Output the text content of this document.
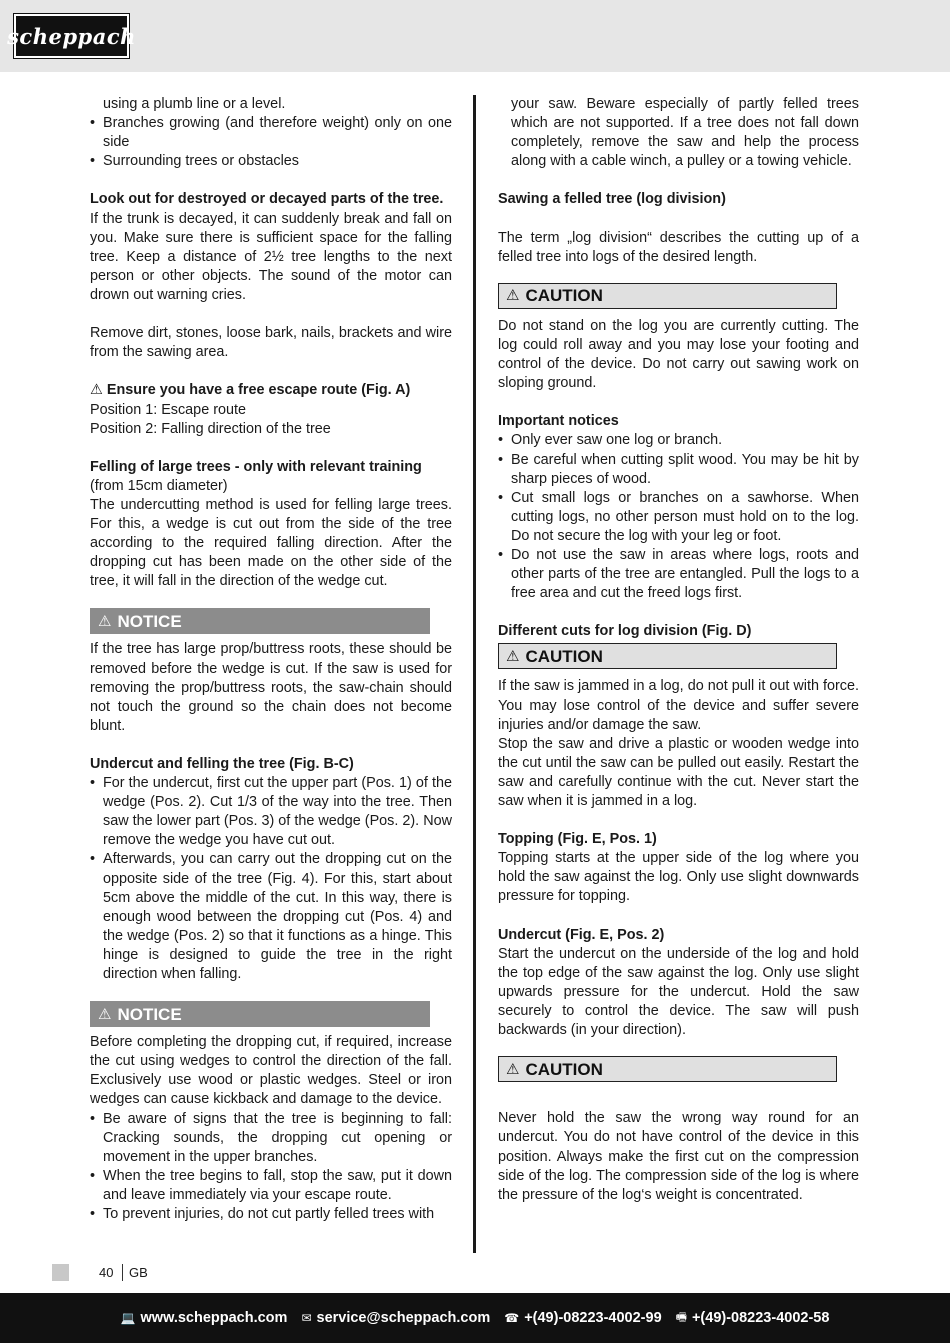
scheppach

using a plumb line or a level.

• Branches growing (and therefore weight) only on one side
• Surrounding trees or obstacles

Look out for destroyed or decayed parts of the tree.

If the trunk is decayed, it can suddenly break and fall on you. Make sure there is sufficient space for the falling tree. Keep a distance of 2½ tree lengths to the next person or other objects. The sound of the motor can drown out warning cries.

Remove dirt, stones, loose bark, nails, brackets and wire from the sawing area.

⚠ Ensure you have a free escape route (Fig. A)

Position 1: Escape route

Position 2: Falling direction of the tree

Felling of large trees - only with relevant training

(from 15cm diameter)

The undercutting method is used for felling large trees. For this, a wedge is cut out from the side of the tree according to the required falling direction. After the dropping cut has been made on the other side of the tree, it will fall in the direction of the wedge cut.

⚠ NOTICE

If the tree has large prop/buttress roots, these should be removed before the wedge is cut. If the saw is used for removing the prop/buttress roots, the saw-chain should not touch the ground so the chain does not become blunt.

Undercut and felling the tree (Fig. B-C)

• For the undercut, first cut the upper part (Pos. 1) of the wedge (Pos. 2). Cut 1/3 of the way into the tree. Then saw the lower part (Pos. 3) of the wedge (Pos. 2). Now remove the wedge you have cut out.
• Afterwards, you can carry out the dropping cut on the opposite side of the tree (Fig. 4). For this, start about 5cm above the middle of the cut. In this way, there is enough wood between the dropping cut (Pos. 4) and the wedge (Pos. 2) so that it functions as a hinge. This hinge is designed to guide the tree in the right direction when falling.
⚠ NOTICE

Before completing the dropping cut, if required, increase the cut using wedges to control the direction of the fall. Exclusively use wood or plastic wedges. Steel or iron wedges can cause kickback and damage to the device.

• Be aware of signs that the tree is beginning to fall: Cracking sounds, the dropping cut opening or movement in the upper branches.
• When the tree begins to fall, stop the saw, put it down and leave immediately via your escape route.
• To prevent injuries, do not cut partly felled trees with

your saw. Beware especially of partly felled trees which are not supported. If a tree does not fall down completely, remove the saw and help the process along with a cable winch, a pulley or a towing vehicle.

Sawing a felled tree (log division)

The term „log division“ describes the cutting up of a felled tree into logs of the desired length.

⚠ CAUTION

Do not stand on the log you are currently cutting. The log could roll away and you may lose your footing and control of the device. Do not carry out sawing work on sloping ground.

Important notices

• Only ever saw one log or branch.
• Be careful when cutting split wood. You may be hit by sharp pieces of wood.
• Cut small logs or branches on a sawhorse. When cutting logs, no other person must hold on to the log. Do not secure the log with your leg or foot.
• Do not use the saw in areas where logs, roots and other parts of the tree are entangled. Pull the logs to a free area and cut the freed logs first.

Different cuts for log division (Fig. D)

⚠ CAUTION

If the saw is jammed in a log, do not pull it out with force. You may lose control of the device and suffer severe injuries and/or damage the saw.

Stop the saw and drive a plastic or wooden wedge into the cut until the saw can be pulled out easily. Restart the saw and carefully continue with the cut. Never start the saw when it is jammed in a log.

Topping (Fig. E, Pos. 1)

Topping starts at the upper side of the log where you hold the saw against the log. Only use slight downwards pressure for topping.

Undercut (Fig. E, Pos. 2)

Start the undercut on the underside of the log and hold the top edge of the saw against the log. Only use slight upwards pressure for the undercut. Hold the saw securely to control the device. The saw will push backwards (in your direction).

⚠ CAUTION

Never hold the saw the wrong way round for an undercut. You do not have control of the device in this position. Always make the first cut on the compression side of the log. The compression side of the log is where the pressure of the log‘s weight is concentrated.

40 GB
💻 www.scheppach.com ✉ service@scheppach.com ☎ +(49)-08223-4002-99 🖷 +(49)-08223-4002-58
